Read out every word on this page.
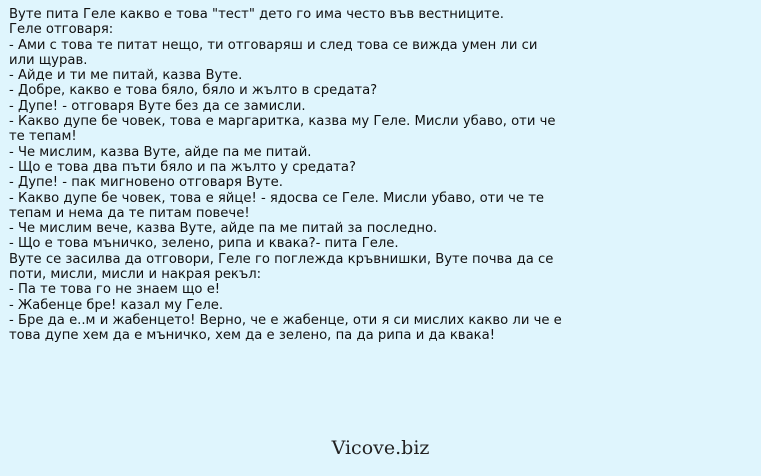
Вуте пита Геле какво е това "тест" дето го има често във вестниците.
Геле отговаря:
- Ами с това те питат нещо, ти отговаряш и след това се вижда умен ли си
или щурав.
- Айде и ти ме питай, казва Вуте.
- Добре, какво е това бяло, бяло и жълто в средата?
- Дупе! - отговаря Вуте без да се замисли.
- Какво дупе бе човек, това е маргаритка, казва му Геле. Мисли убаво, оти че
те тепам!
- Че мислим, казва Вуте, айде па ме питай.
- Що е това два пъти бяло и па жълто у средата?
- Дупе! - пак мигновено отговаря Вуте.
- Какво дупе бе човек, това е яйце! - ядосва се Геле. Мисли убаво, оти че те
тепам и нема да те питам повече!
- Че мислим вече, казва Вуте, айде па ме питай за последно.
- Що е това мъничко, зелено, рипа и квака?- пита Геле.
Вуте се засилва да отговори, Геле го поглежда кръвнишки, Вуте почва да се
поти, мисли, мисли и накрая рекъл:
- Па те това го не знаем що е!
- Жабенце бре! казал му Геле.
- Бре да е..м и жабенцето! Верно, че е жабенце, оти я си мислих какво ли че е
това дупе хем да е мъничко, хем да е зелено, па да рипа и да квака!
Vicove.biz
